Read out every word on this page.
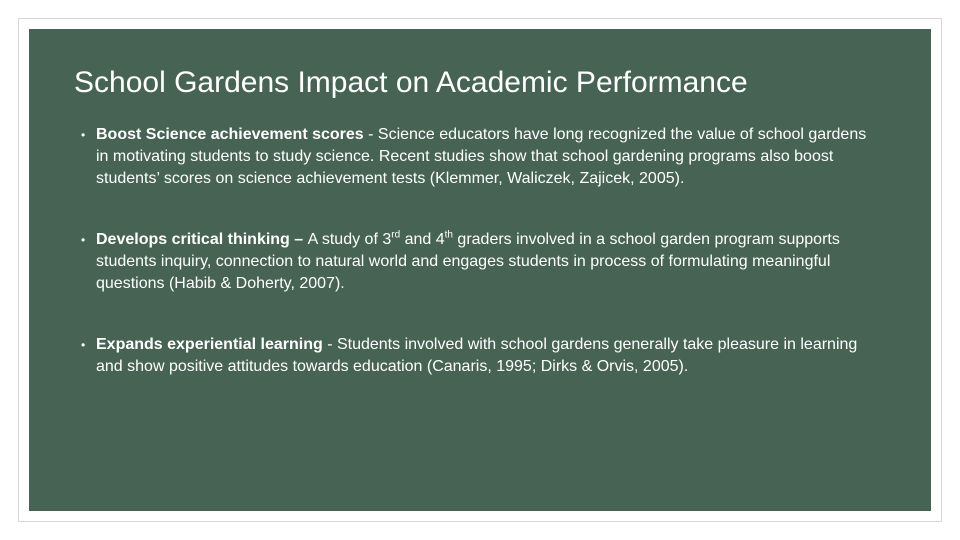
School Gardens Impact on Academic Performance
• Boost Science achievement scores - Science educators have long recognized the value of school gardens in motivating students to study science. Recent studies show that school gardening programs also boost students’ scores on science achievement tests (Klemmer, Waliczek, Zajicek, 2005).
• Develops critical thinking – A study of 3rd and 4th graders involved in a school garden program supports students inquiry, connection to natural world and engages students in process of formulating meaningful questions (Habib & Doherty, 2007).
• Expands experiential learning - Students involved with school gardens generally take pleasure in learning and show positive attitudes towards education (Canaris, 1995; Dirks & Orvis, 2005).
